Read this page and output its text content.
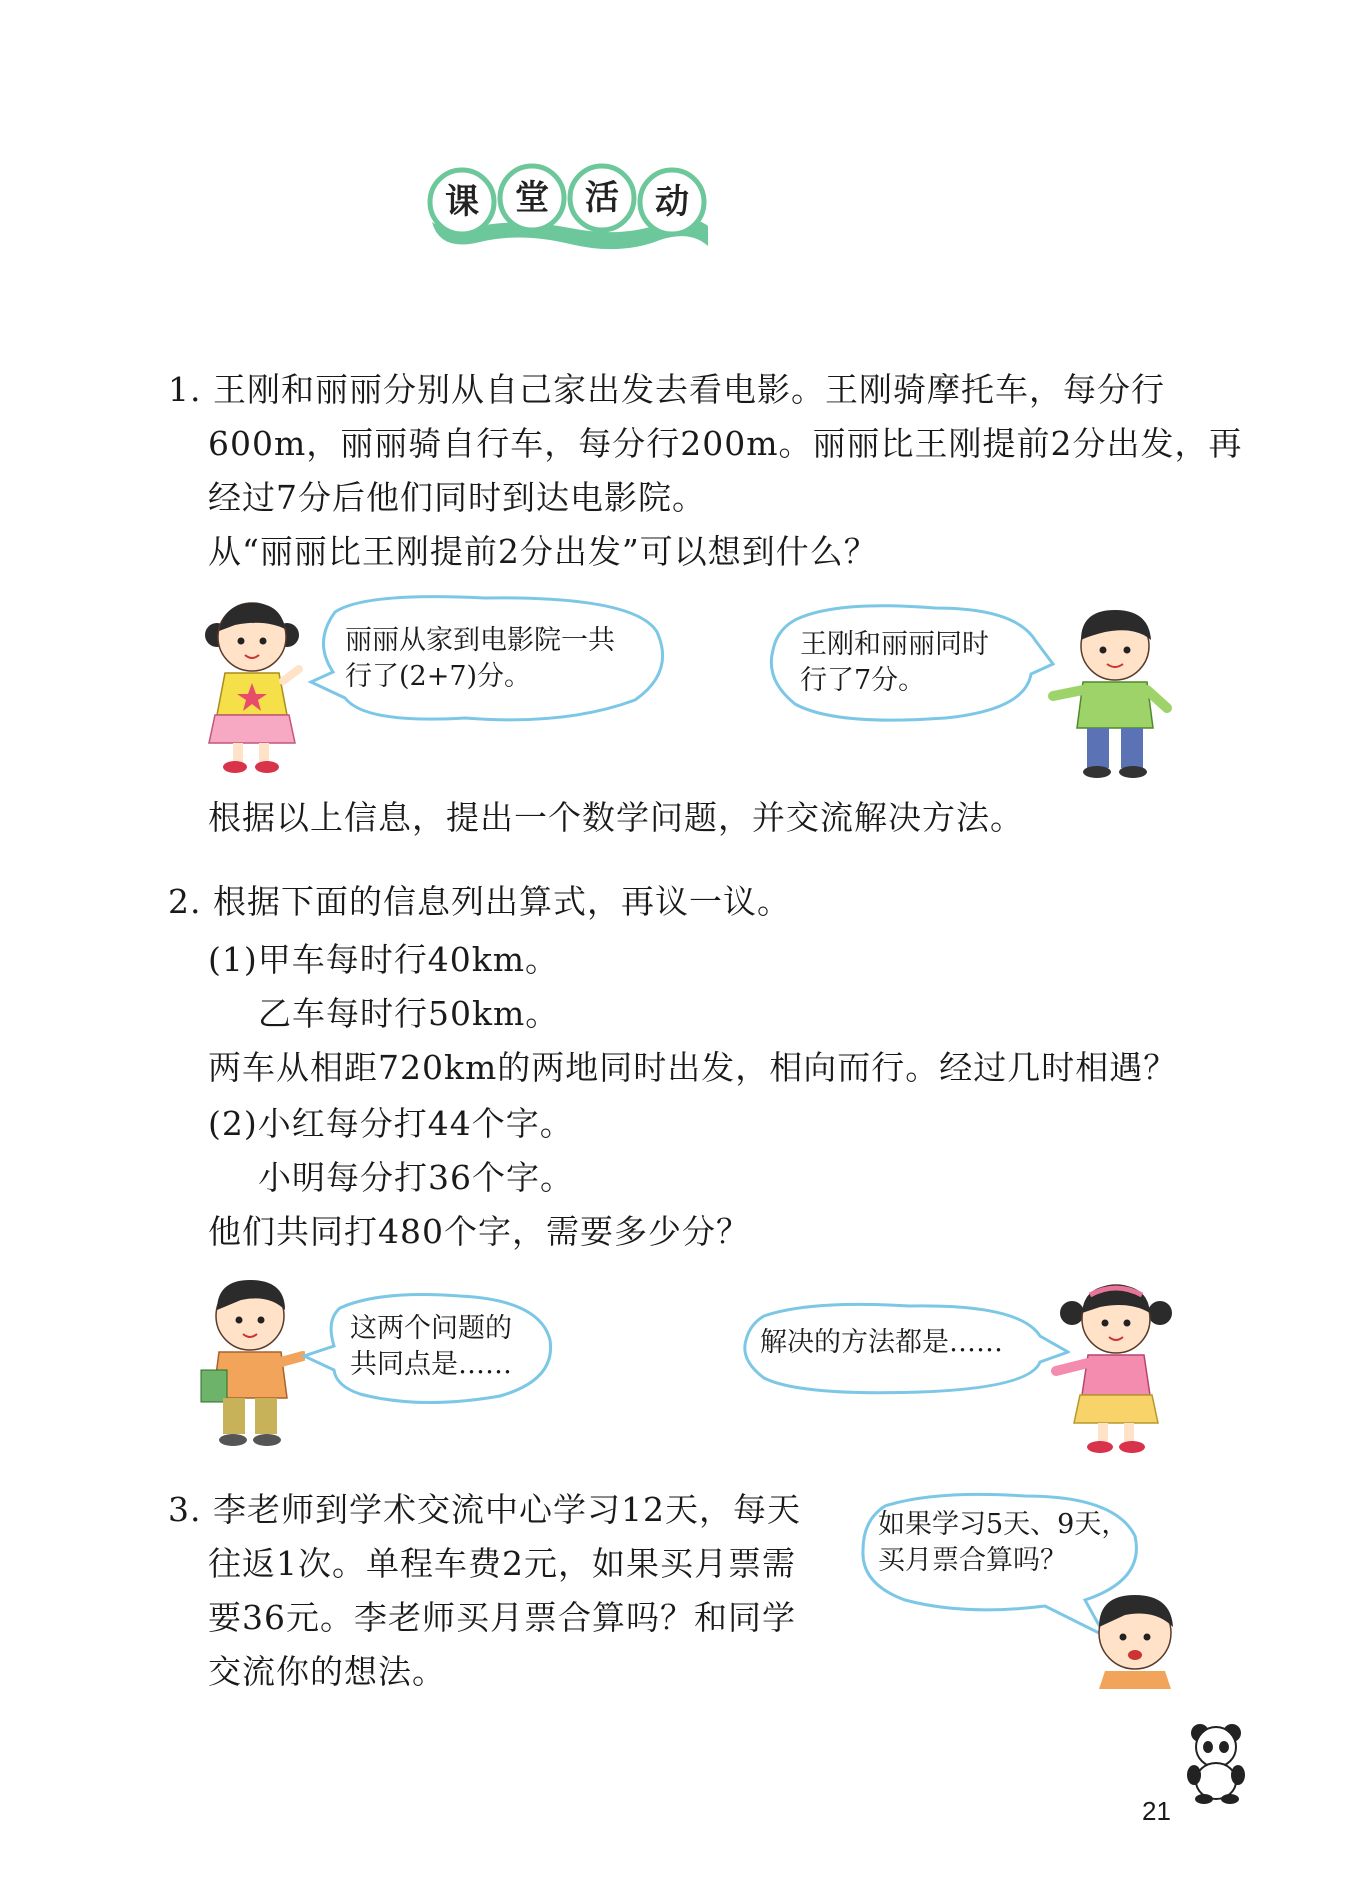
课	堂	活	动
1. 王刚和丽丽分别从自己家出发去看电影。王刚骑摩托车，每分行
600m，丽丽骑自行车，每分行200m。丽丽比王刚提前2分出发，再
经过7分后他们同时到达电影院。
从“丽丽比王刚提前2分出发”可以想到什么？
丽丽从家到电影院一共
行了(2+7)分。
王刚和丽丽同时
行了7分。
根据以上信息，提出一个数学问题，并交流解决方法。
2. 根据下面的信息列出算式，再议一议。
(1)甲车每时行40km。
乙车每时行50km。
两车从相距720km的两地同时出发，相向而行。经过几时相遇？
(2)小红每分打44个字。
小明每分打36个字。
他们共同打480个字，需要多少分？
这两个问题的
共同点是……
解决的方法都是……
3. 李老师到学术交流中心学习12天，每天
往返1次。单程车费2元，如果买月票需
要36元。李老师买月票合算吗？和同学
交流你的想法。
如果学习5天、9天，
买月票合算吗？
21
